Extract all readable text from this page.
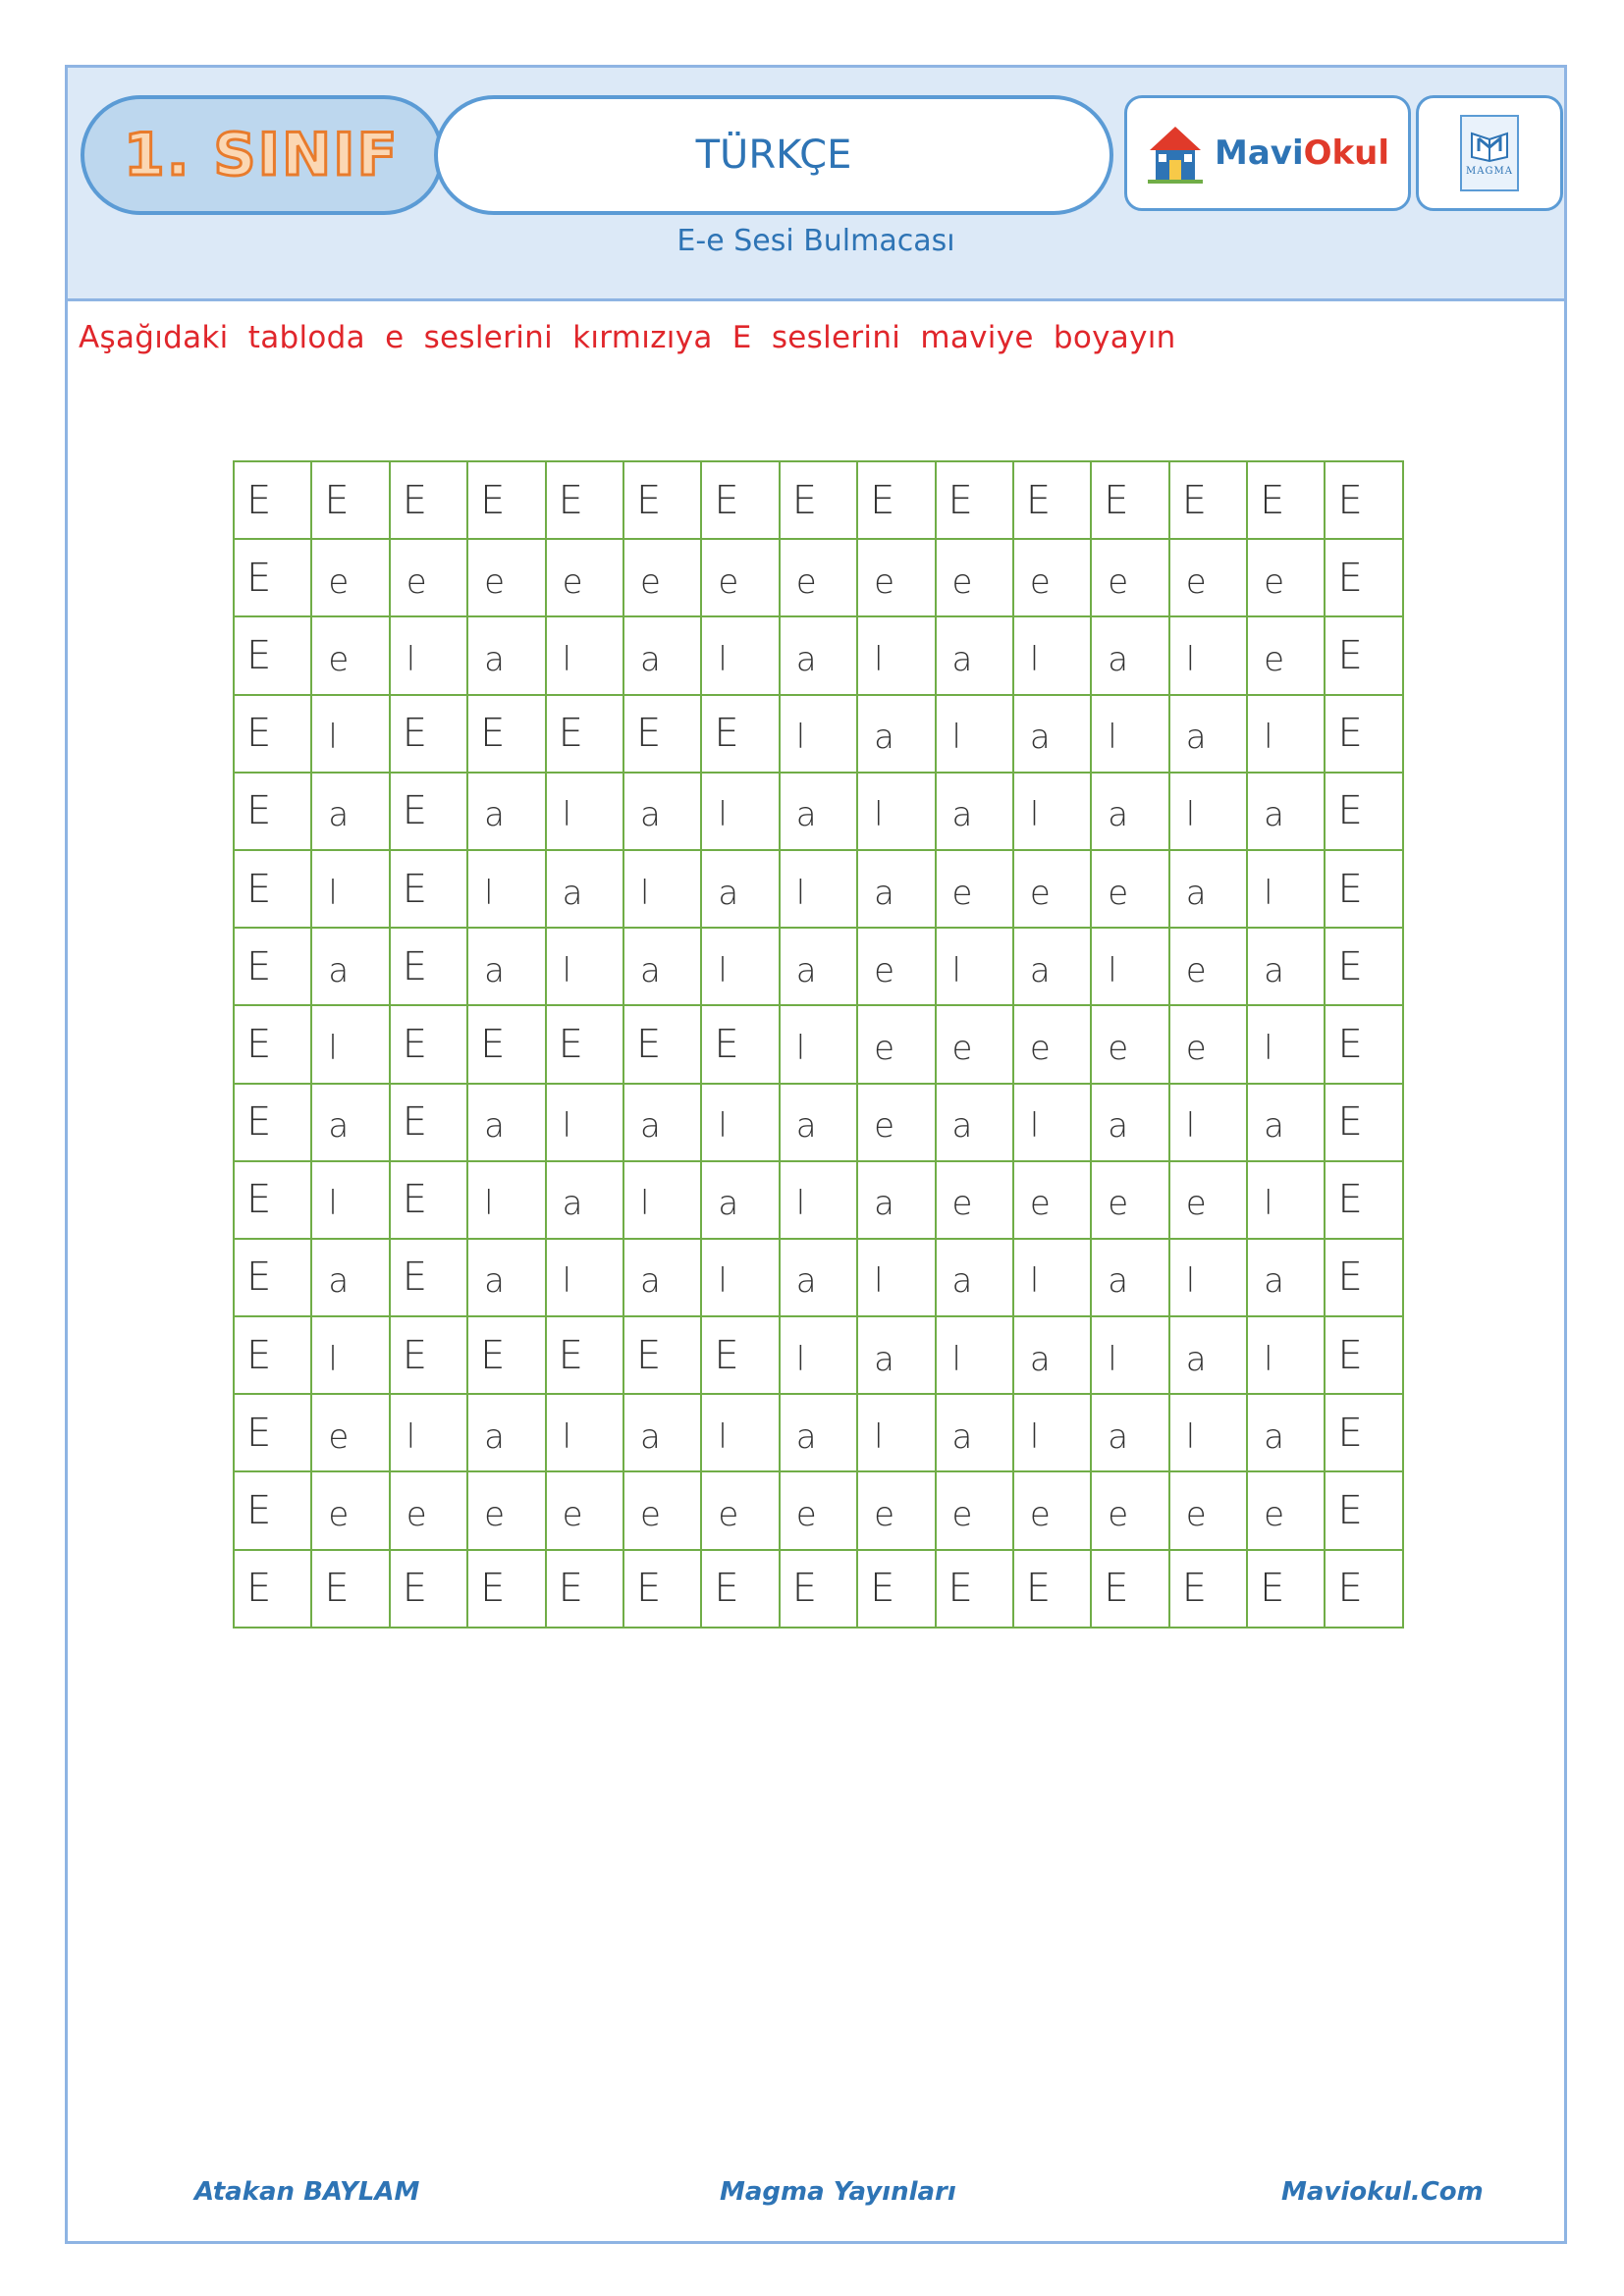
1. SINIF	TÜRKÇE	MaviOkul	MAGMA
E-e Sesi Bulmacası
Aşağıdaki tabloda e seslerini kırmızıya E seslerini maviye boyayın
E	E	E	E	E	E	E	E	E	E	E	E	E	E	E
E	e	e	e	e	e	e	e	e	e	e	e	e	e	E
E	e	l	a	l	a	l	a	l	a	l	a	l	e	E
E	l	E	E	E	E	E	l	a	l	a	l	a	l	E
E	a	E	a	l	a	l	a	l	a	l	a	l	a	E
E	l	E	l	a	l	a	l	a	e	e	e	a	l	E
E	a	E	a	l	a	l	a	e	l	a	l	e	a	E
E	l	E	E	E	E	E	l	e	e	e	e	e	l	E
E	a	E	a	l	a	l	a	e	a	l	a	l	a	E
E	l	E	l	a	l	a	l	a	e	e	e	e	l	E
E	a	E	a	l	a	l	a	l	a	l	a	l	a	E
E	l	E	E	E	E	E	l	a	l	a	l	a	l	E
E	e	l	a	l	a	l	a	l	a	l	a	l	a	E
E	e	e	e	e	e	e	e	e	e	e	e	e	e	E
E	E	E	E	E	E	E	E	E	E	E	E	E	E	E
Atakan BAYLAM	Magma Yayınları	Maviokul.Com
